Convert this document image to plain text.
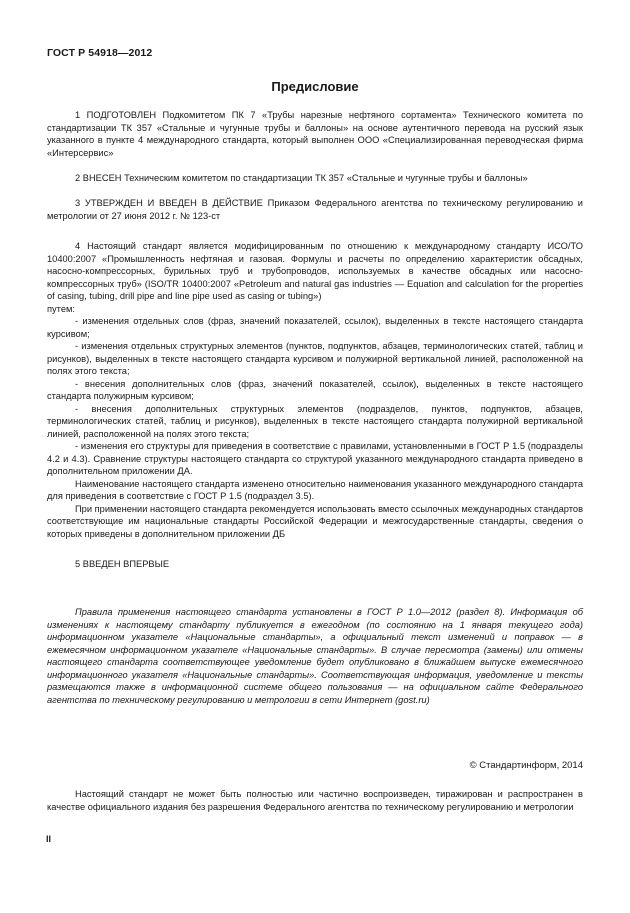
ГОСТ Р 54918—2012
Предисловие

1 ПОДГОТОВЛЕН Подкомитетом ПК 7 «Трубы нарезные нефтяного сортамента» Технического комитета по стандартизации ТК 357 «Стальные и чугунные трубы и баллоны» на основе аутентичного перевода на русский язык указанного в пункте 4 международного стандарта, который выполнен ООО «Специализированная переводческая фирма «Интерсервис»

2 ВНЕСЕН Техническим комитетом по стандартизации ТК 357 «Стальные и чугунные трубы и баллоны»

3 УТВЕРЖДЕН И ВВЕДЕН В ДЕЙСТВИЕ Приказом Федерального агентства по техническому регулированию и метрологии от 27 июня 2012 г. № 123-ст

4 Настоящий стандарт является модифицированным по отношению к международному стандарту ИСО/ТО 10400:2007 «Промышленность нефтяная и газовая. Формулы и расчеты по определению характеристик обсадных, насосно-компрессорных, бурильных труб и трубопроводов, используемых в качестве обсадных или насосно-компрессорных труб» (ISO/TR 10400:2007 «Petroleum and natural gas industries — Equation and calculation for the properties of casing, tubing, drill pipe and line pipe used as casing or tubing»)

путем:

- изменения отдельных слов (фраз, значений показателей, ссылок), выделенных в тексте настоящего стандарта курсивом;

- изменения отдельных структурных элементов (пунктов, подпунктов, абзацев, терминологических статей, таблиц и рисунков), выделенных в тексте настоящего стандарта курсивом и полужирной вертикальной линией, расположенной на полях этого текста;

- внесения дополнительных слов (фраз, значений показателей, ссылок), выделенных в тексте настоящего стандарта полужирным курсивом;

- внесения дополнительных структурных элементов (подразделов, пунктов, подпунктов, абзацев, терминологических статей, таблиц и рисунков), выделенных в тексте настоящего стандарта полужирной вертикальной линией, расположенной на полях этого текста;

- изменения его структуры для приведения в соответствие с правилами, установленными в ГОСТ Р 1.5 (подразделы 4.2 и 4.3). Сравнение структуры настоящего стандарта со структурой указанного международного стандарта приведено в дополнительном приложении ДА.

Наименование настоящего стандарта изменено относительно наименования указанного международного стандарта для приведения в соответствие с ГОСТ Р 1.5 (подраздел 3.5).

При применении настоящего стандарта рекомендуется использовать вместо ссылочных международных стандартов соответствующие им национальные стандарты Российской Федерации и межгосударственные стандарты, сведения о которых приведены в дополнительном приложении ДБ

5 ВВЕДЕН ВПЕРВЫЕ

Правила применения настоящего стандарта установлены в ГОСТ Р 1.0—2012 (раздел 8). Информация об изменениях к настоящему стандарту публикуется в ежегодном (по состоянию на 1 января текущего года) информационном указателе «Национальные стандарты», а официальный текст изменений и поправок — в ежемесячном информационном указателе «Национальные стандарты». В случае пересмотра (замены) или отмены настоящего стандарта соответствующее уведомление будет опубликовано в ближайшем выпуске ежемесячного информационного указателя «Национальные стандарты». Соответствующая информация, уведомление и тексты размещаются также в информационной системе общего пользования — на официальном сайте Федерального агентства по техническому регулированию и метрологии в сети Интернет (gost.ru)

© Стандартинформ, 2014

Настоящий стандарт не может быть полностью или частично воспроизведен, тиражирован и распространен в качестве официального издания без разрешения Федерального агентства по техническому регулированию и метрологии

II
